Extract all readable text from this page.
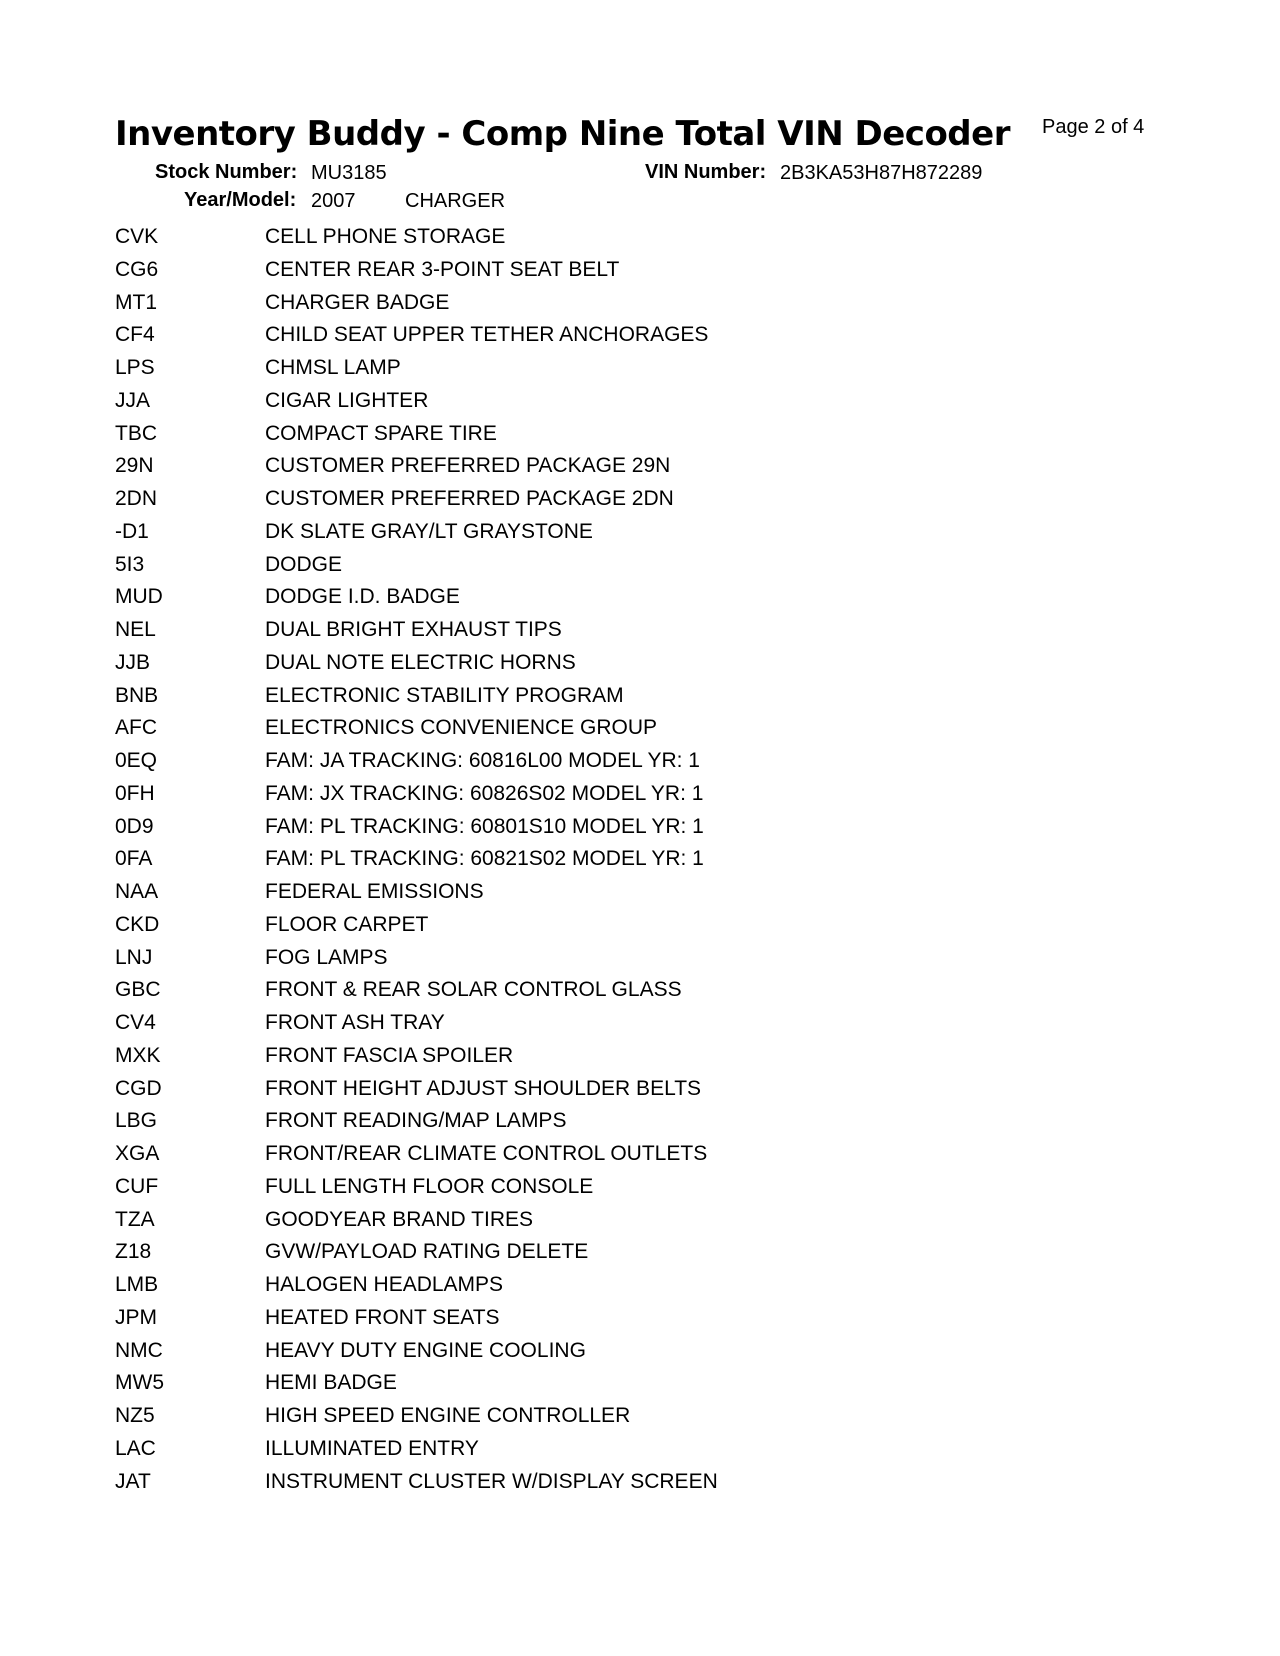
Inventory Buddy - Comp Nine Total VIN Decoder Page 2 of 4
Stock Number: MU3185	VIN Number: 2B3KA53H87H872289
Year/Model: 2007 CHARGER
CVK	CELL PHONE STORAGE
CG6	CENTER REAR 3-POINT SEAT BELT
MT1	CHARGER BADGE
CF4	CHILD SEAT UPPER TETHER ANCHORAGES
LPS	CHMSL LAMP
JJA	CIGAR LIGHTER
TBC	COMPACT SPARE TIRE
29N	CUSTOMER PREFERRED PACKAGE 29N
2DN	CUSTOMER PREFERRED PACKAGE 2DN
-D1	DK SLATE GRAY/LT GRAYSTONE
5I3	DODGE
MUD	DODGE I.D. BADGE
NEL	DUAL BRIGHT EXHAUST TIPS
JJB	DUAL NOTE ELECTRIC HORNS
BNB	ELECTRONIC STABILITY PROGRAM
AFC	ELECTRONICS CONVENIENCE GROUP
0EQ	FAM: JA TRACKING: 60816L00 MODEL YR: 1
0FH	FAM: JX TRACKING: 60826S02 MODEL YR: 1
0D9	FAM: PL TRACKING: 60801S10 MODEL YR: 1
0FA	FAM: PL TRACKING: 60821S02 MODEL YR: 1
NAA	FEDERAL EMISSIONS
CKD	FLOOR CARPET
LNJ	FOG LAMPS
GBC	FRONT & REAR SOLAR CONTROL GLASS
CV4	FRONT ASH TRAY
MXK	FRONT FASCIA SPOILER
CGD	FRONT HEIGHT ADJUST SHOULDER BELTS
LBG	FRONT READING/MAP LAMPS
XGA	FRONT/REAR CLIMATE CONTROL OUTLETS
CUF	FULL LENGTH FLOOR CONSOLE
TZA	GOODYEAR BRAND TIRES
Z18	GVW/PAYLOAD RATING DELETE
LMB	HALOGEN HEADLAMPS
JPM	HEATED FRONT SEATS
NMC	HEAVY DUTY ENGINE COOLING
MW5	HEMI BADGE
NZ5	HIGH SPEED ENGINE CONTROLLER
LAC	ILLUMINATED ENTRY
JAT	INSTRUMENT CLUSTER W/DISPLAY SCREEN
